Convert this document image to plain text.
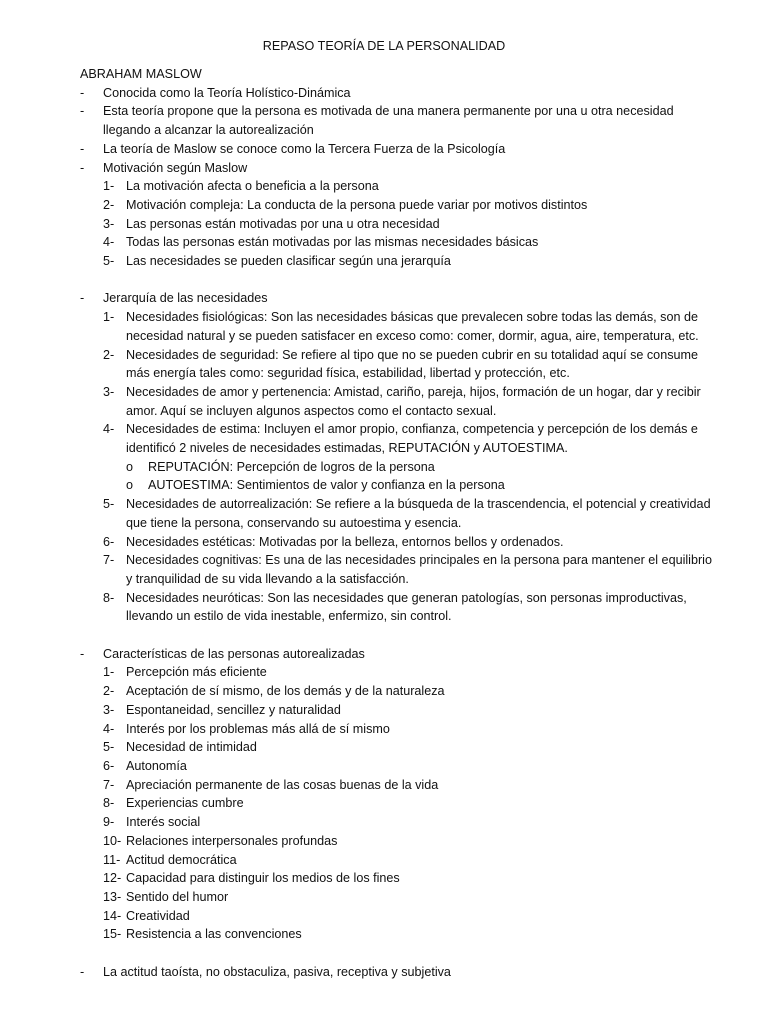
REPASO TEORÍA DE LA PERSONALIDAD
ABRAHAM MASLOW
-	Conocida como la Teoría Holístico-Dinámica
-	Esta teoría propone que la persona es motivada de una manera permanente por una u otra necesidad
llegando a alcanzar la autorealización
-	La teoría de Maslow se conoce como la Tercera Fuerza de la Psicología
-	Motivación según Maslow
1- La motivación afecta o beneficia a la persona
2- Motivación compleja: La conducta de la persona puede variar por motivos distintos
3- Las personas están motivadas por una u otra necesidad
4- Todas las personas están motivadas por las mismas necesidades básicas
5- Las necesidades se pueden clasificar según una jerarquía
-	Jerarquía de las necesidades
1- Necesidades fisiológicas: Son las necesidades básicas que prevalecen sobre todas las demás, son de
necesidad natural y se pueden satisfacer en exceso como: comer, dormir, agua, aire, temperatura, etc.
2- Necesidades de seguridad: Se refiere al tipo que no se pueden cubrir en su totalidad aquí se consume
más energía tales como: seguridad física, estabilidad, libertad y protección, etc.
3- Necesidades de amor y pertenencia: Amistad, cariño, pareja, hijos, formación de un hogar, dar y recibir
amor. Aquí se incluyen algunos aspectos como el contacto sexual.
4- Necesidades de estima: Incluyen el amor propio, confianza, competencia y percepción de los demás e
identificó 2 niveles de necesidades estimadas, REPUTACIÓN y AUTOESTIMA.
o	REPUTACIÓN: Percepción de logros de la persona
o	AUTOESTIMA: Sentimientos de valor y confianza en la persona
5- Necesidades de autorrealización: Se refiere a la búsqueda de la trascendencia, el potencial y creatividad
que tiene la persona, conservando su autoestima y esencia.
6- Necesidades estéticas: Motivadas por la belleza, entornos bellos y ordenados.
7- Necesidades cognitivas: Es una de las necesidades principales en la persona para mantener el equilibrio
y tranquilidad de su vida llevando a la satisfacción.
8- Necesidades neuróticas: Son las necesidades que generan patologías, son personas improductivas,
llevando un estilo de vida inestable, enfermizo, sin control.
-	Características de las personas autorealizadas
1- Percepción más eficiente
2- Aceptación de sí mismo, de los demás y de la naturaleza
3- Espontaneidad, sencillez y naturalidad
4- Interés por los problemas más allá de sí mismo
5- Necesidad de intimidad
6- Autonomía
7- Apreciación permanente de las cosas buenas de la vida
8- Experiencias cumbre
9- Interés social
10- Relaciones interpersonales profundas
11- Actitud democrática
12- Capacidad para distinguir los medios de los fines
13- Sentido del humor
14- Creatividad
15- Resistencia a las convenciones
-	La actitud taoísta, no obstaculiza, pasiva, receptiva y subjetiva
